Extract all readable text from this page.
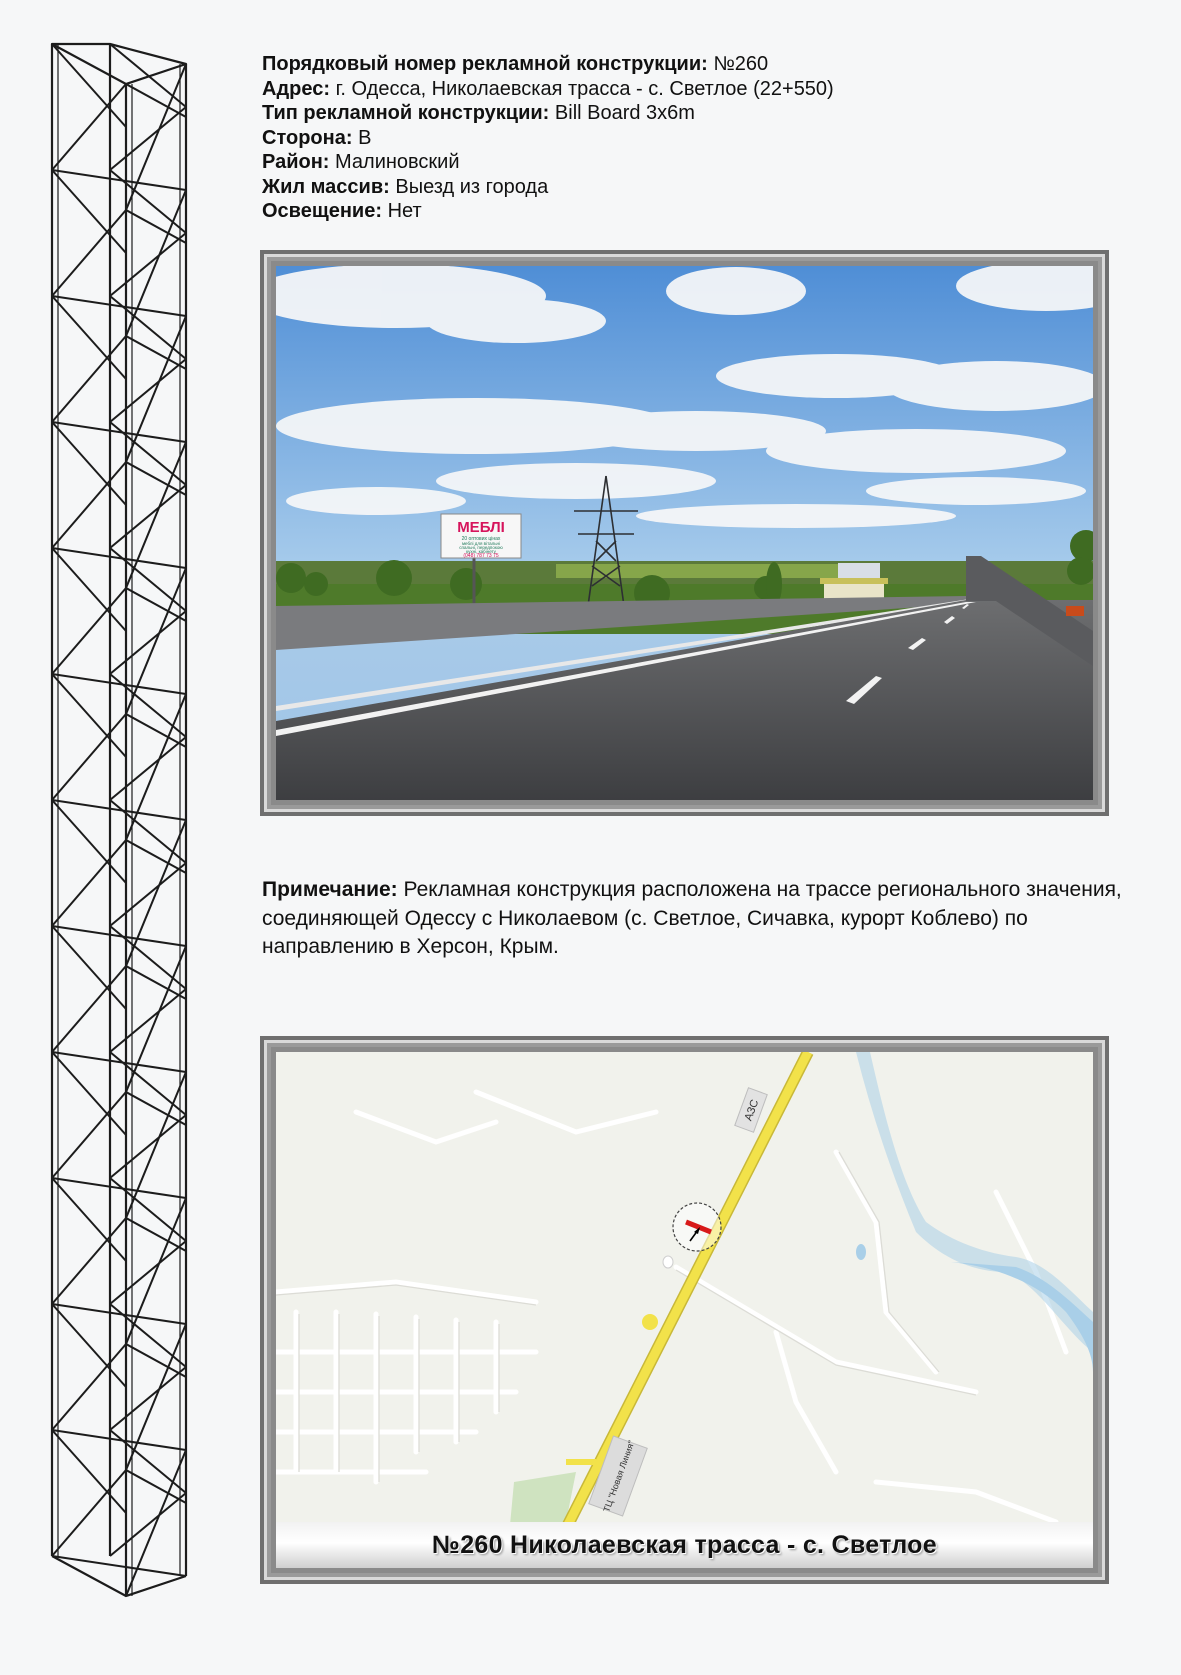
Порядковый номер рекламной конструкции: №260
Адрес: г. Одесса, Николаевская трасса - с. Светлое (22+550)
Тип рекламной конструкции: Bill Board 3x6m
Сторона: В
Район: Малиновский
Жил массив: Выезд из города
Освещение: Нет
МЕБЛІ
20 оптових цiнах
меблi для вiтальнi
спальнi, передпокою
кухнi, кабiнету
(048) 787 73 75
Примечание: Рекламная конструкция расположена на трассе регионального значения, соединяющей Одессу с Николаевом (с. Светлое, Сичавка, курорт Коблево) по направлению в Херсон, Крым.
АЗС
ТЦ "Новая Линия"
№260 Николаевская трасса - с. Светлое
